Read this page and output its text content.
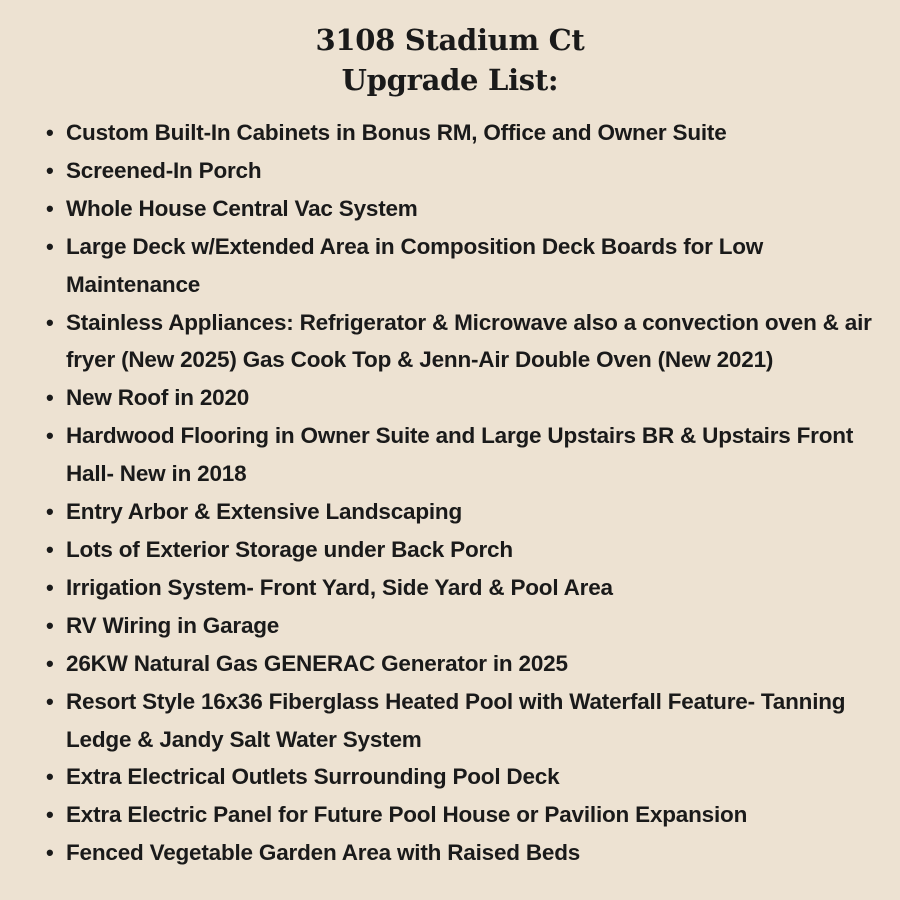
3108 Stadium Ct
Upgrade List:
• Custom Built-In Cabinets in Bonus RM, Office and Owner Suite
• Screened-In Porch
• Whole House Central Vac System
• Large Deck w/Extended Area in Composition Deck Boards for Low Maintenance
• Stainless Appliances: Refrigerator & Microwave also a convection oven & air fryer (New 2025) Gas Cook Top & Jenn-Air Double Oven (New 2021)
• New Roof in 2020
• Hardwood Flooring in Owner Suite and Large Upstairs BR & Upstairs Front Hall- New in 2018
• Entry Arbor & Extensive Landscaping
• Lots of Exterior Storage under Back Porch
• Irrigation System- Front Yard, Side Yard & Pool Area
• RV Wiring in Garage
• 26KW Natural Gas GENERAC Generator in 2025
• Resort Style 16x36 Fiberglass Heated Pool with Waterfall Feature- Tanning Ledge & Jandy Salt Water System
• Extra Electrical Outlets Surrounding Pool Deck
• Extra Electric Panel for Future Pool House or Pavilion Expansion
• Fenced Vegetable Garden Area with Raised Beds
